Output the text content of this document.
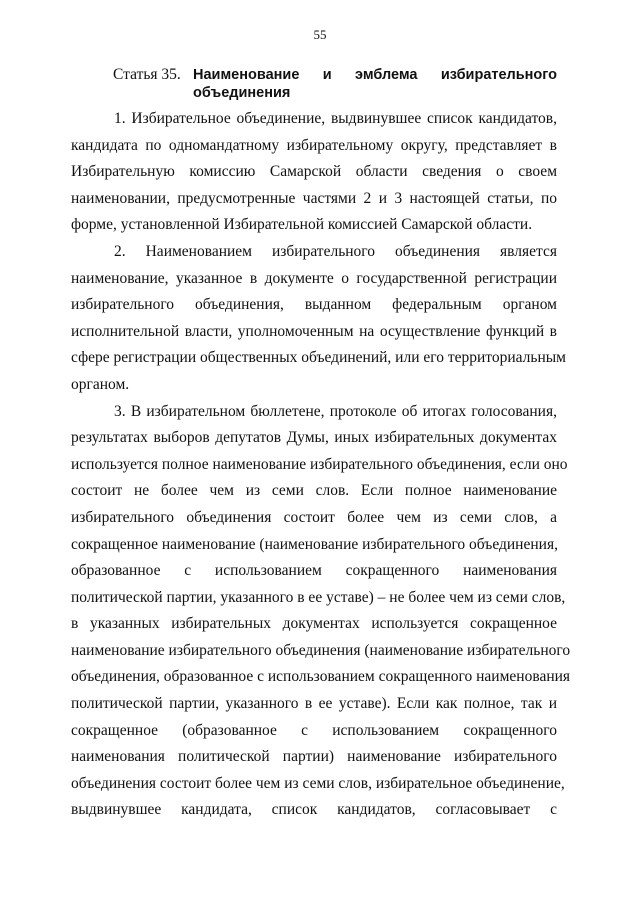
55
Статья 35. Наименование и эмблема избирательного
объединения
1. Избирательное объединение, выдвинувшее список кандидатов,
кандидата по одномандатному избирательному округу, представляет в
Избирательную комиссию Самарской области сведения о своем
наименовании, предусмотренные частями 2 и 3 настоящей статьи, по
форме, установленной Избирательной комиссией Самарской области.
2. Наименованием избирательного объединения является
наименование, указанное в документе о государственной регистрации
избирательного объединения, выданном федеральным органом
исполнительной власти, уполномоченным на осуществление функций в
сфере регистрации общественных объединений, или его территориальным
органом.
3. В избирательном бюллетене, протоколе об итогах голосования,
результатах выборов депутатов Думы, иных избирательных документах
используется полное наименование избирательного объединения, если оно
состоит не более чем из семи слов. Если полное наименование
избирательного объединения состоит более чем из семи слов, а
сокращенное наименование (наименование избирательного объединения,
образованное с использованием сокращенного наименования
политической партии, указанного в ее уставе) – не более чем из семи слов,
в указанных избирательных документах используется сокращенное
наименование избирательного объединения (наименование избирательного
объединения, образованное с использованием сокращенного наименования
политической партии, указанного в ее уставе). Если как полное, так и
сокращенное (образованное с использованием сокращенного
наименования политической партии) наименование избирательного
объединения состоит более чем из семи слов, избирательное объединение,
выдвинувшее кандидата, список кандидатов, согласовывает с
